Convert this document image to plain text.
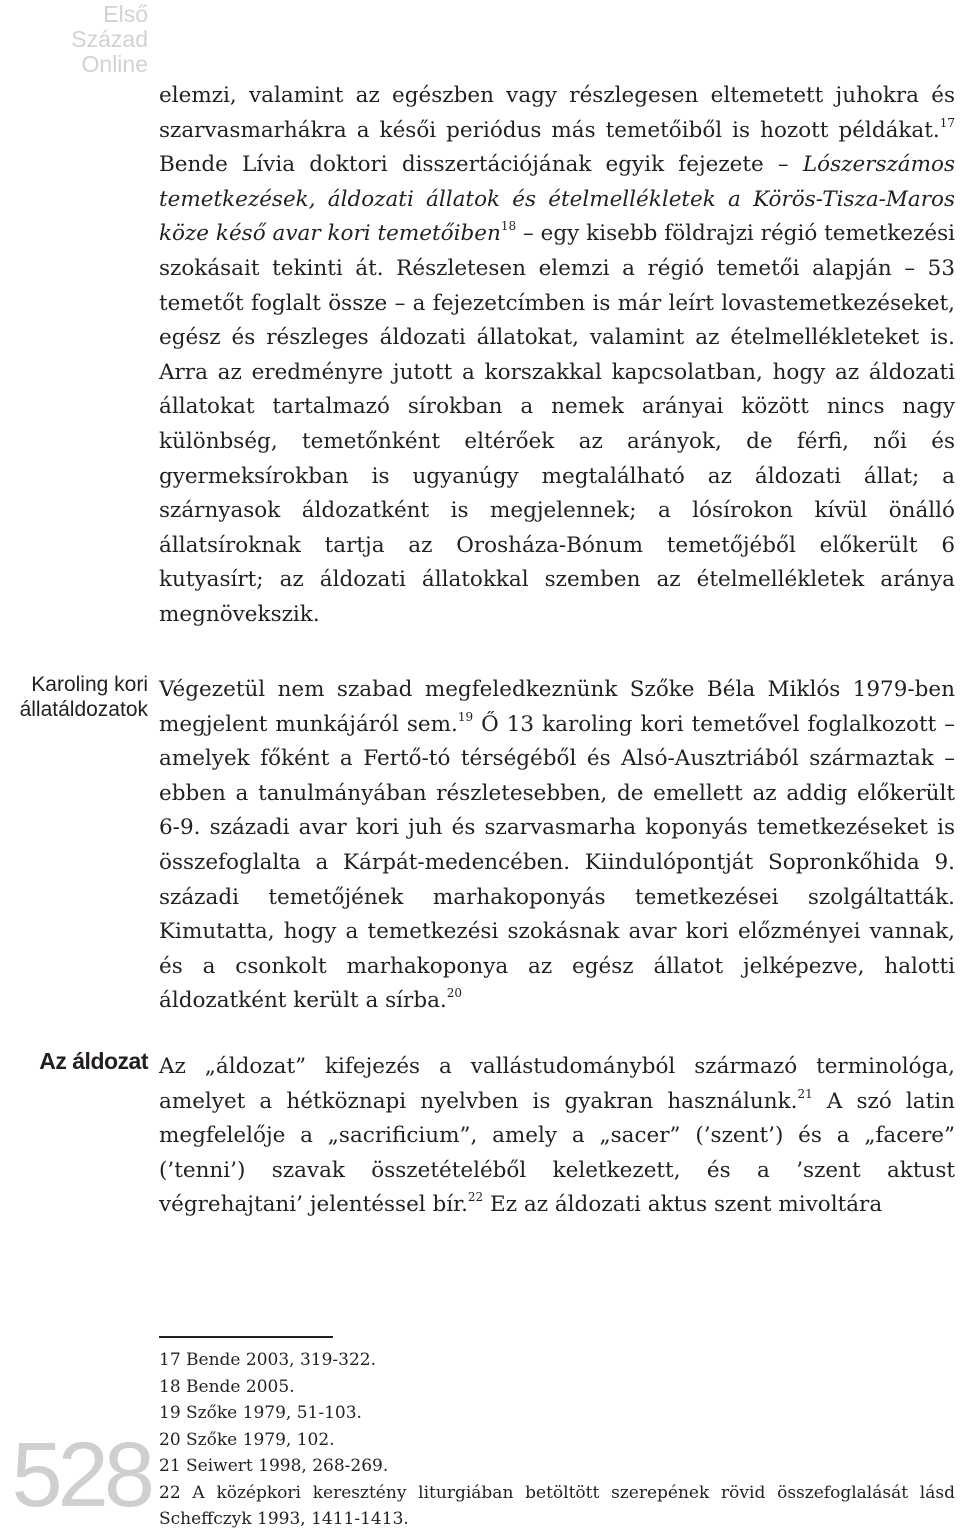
Első
Század
Online
elemzi, valamint az egészben vagy részlegesen eltemetett juhokra és szarvasmarhákra a késői periódus más temetőiből is hozott példákat.$^{17}$ Bende Lívia doktori disszertációjának egyik fejezete – Lószerszámos temetkezések, áldozati állatok és ételmellékletek a Körös-Tisza-Maros köze késő avar kori temetőiben$^{18}$ – egy kisebb földrajzi régió temetkezési szokásait tekinti át. Részletesen elemzi a régió temetői alapján – 53 temetőt foglalt össze – a fejezetcímben is már leírt lovastemetkezéseket, egész és részleges áldozati állatokat, valamint az ételmellékleteket is. Arra az eredményre jutott a korszakkal kapcsolatban, hogy az áldozati állatokat tartalmazó sírokban a nemek arányai között nincs nagy különbség, temetőnként eltérőek az arányok, de férfi, női és gyermeksírokban is ugyanúgy megtalálható az áldozati állat; a szárnyasok áldozatként is megjelennek; a lósírokon kívül önálló állatsíroknak tartja az Orosháza-Bónum temetőjéből előkerült 6 kutyasírt; az áldozati állatokkal szemben az ételmellékletek aránya megnövekszik.
Karoling kori
állatáldozatok
Végezetül nem szabad megfeledkeznünk Szőke Béla Miklós 1979-ben megjelent munkájáról sem.$^{19}$ Ő 13 karoling kori temetővel foglalkozott – amelyek főként a Fertő-tó térségéből és Alsó-Ausztriából származtak – ebben a tanulmányában részletesebben, de emellett az addig előkerült 6-9. századi avar kori juh és szarvasmarha koponyás temetkezéseket is összefoglalta a Kárpát-medencében. Kiindulópontját Sopronkőhida 9. századi temetőjének marhakoponyás temetkezései szolgáltatták. Kimutatta, hogy a temetkezési szokásnak avar kori előzményei vannak, és a csonkolt marhakoponya az egész állatot jelképezve, halotti áldozatként került a sírba.$^{20}$
Az áldozat Az „áldozat” kifejezés a vallástudományból származó terminológa, amelyet a hétköznapi nyelvben is gyakran használunk.$^{21}$ A szó latin megfelelője a „sacrificium”, amely a „sacer” (’szent’) és a „facere” (’tenni’) szavak összetételéből keletkezett, és a ’szent aktust végrehajtani’ jelentéssel bír.$^{22}$ Ez az áldozati aktus szent mivoltára
17 Bende 2003, 319-322.
18 Bende 2005.
19 Szőke 1979, 51-103.
20 Szőke 1979, 102.
21 Seiwert 1998, 268-269.
22 A középkori keresztény liturgiában betöltött szerepének rövid összefoglalását lásd Scheffczyk 1993, 1411-1413.
528
